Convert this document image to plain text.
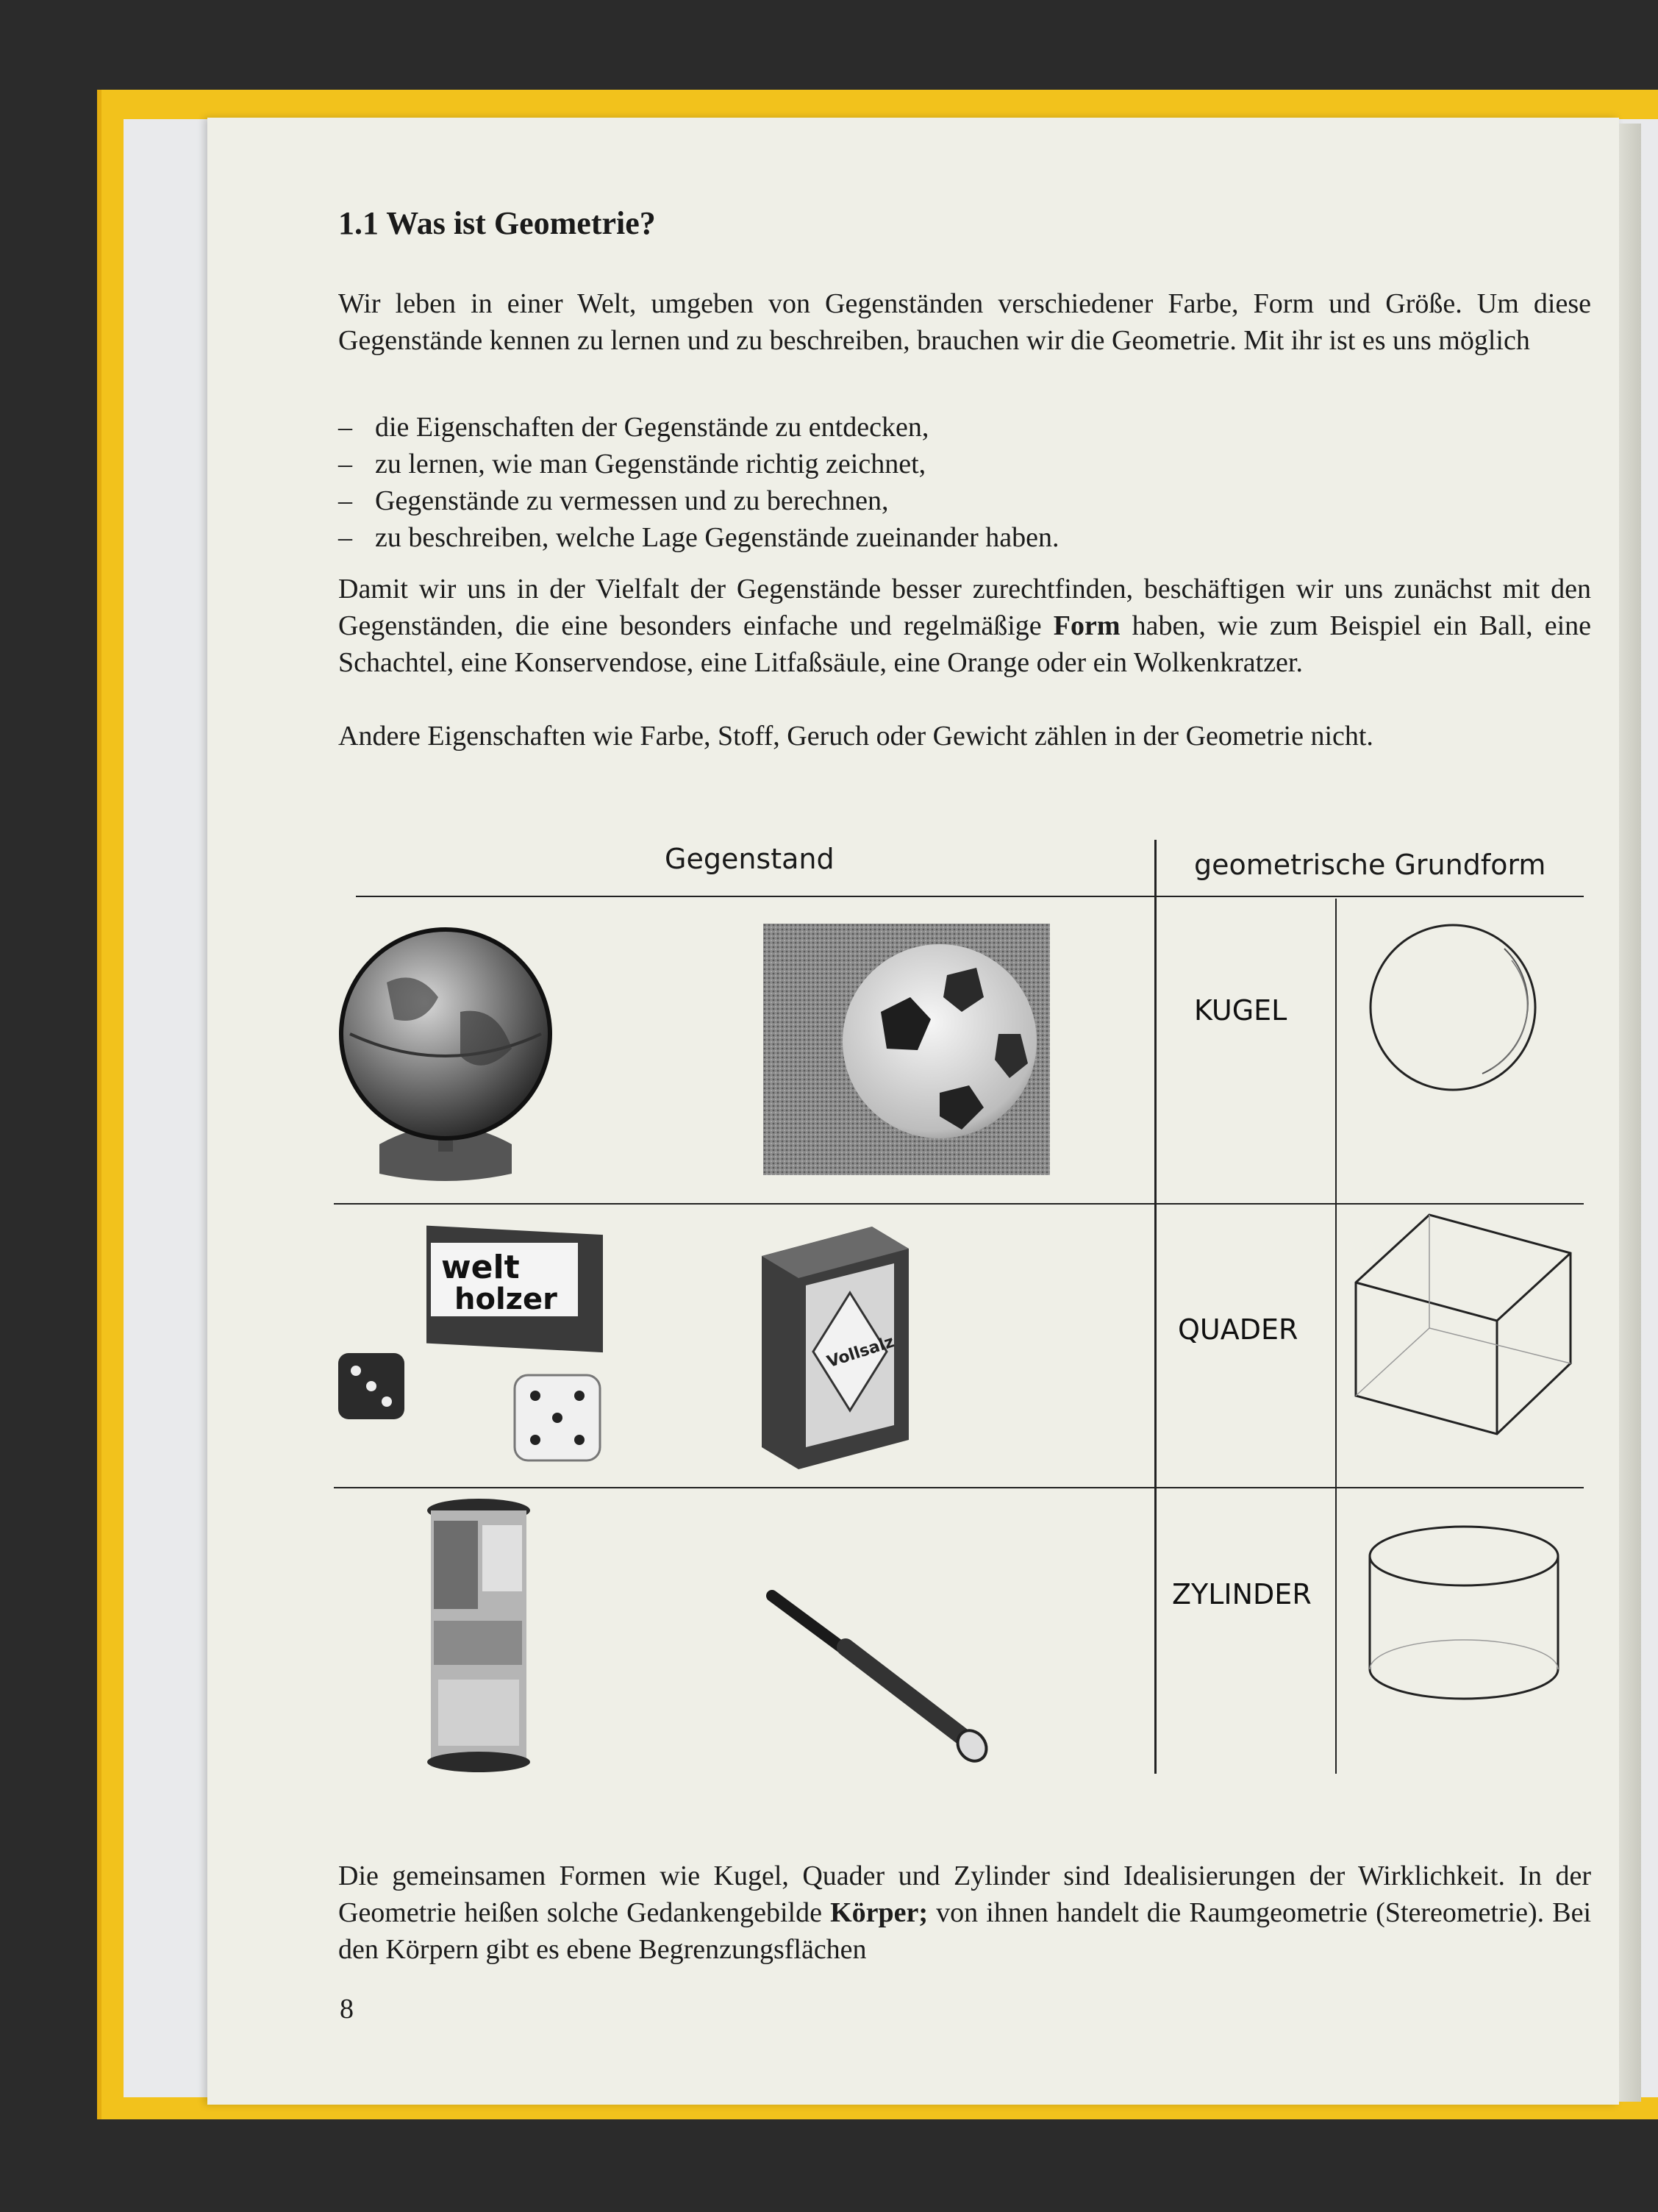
1.1 Was ist Geometrie?

Wir leben in einer Welt, umgeben von Gegenständen verschiedener Farbe, Form und Größe. Um diese Gegenstände kennen zu lernen und zu beschreiben, brauchen wir die Geometrie. Mit ihr ist es uns möglich

– die Eigenschaften der Gegenstände zu entdecken,
– zu lernen, wie man Gegenstände richtig zeichnet,
– Gegenstände zu vermessen und zu berechnen,
– zu beschreiben, welche Lage Gegenstände zueinander haben.

Damit wir uns in der Vielfalt der Gegenstände besser zurechtfinden, beschäftigen wir uns zunächst mit den Gegenständen, die eine besonders einfache und regelmäßige Form haben, wie zum Beispiel ein Ball, eine Schachtel, eine Konservendose, eine Litfaßsäule, eine Orange oder ein Wolkenkratzer.

Andere Eigenschaften wie Farbe, Stoff, Geruch oder Gewicht zählen in der Geometrie nicht.

Gegenstand	geometrische Grundform
KUGEL
QUADER
ZYLINDER
welt
holzer
Vollsalz

Die gemeinsamen Formen wie Kugel, Quader und Zylinder sind Idealisierungen der Wirklichkeit. In der Geometrie heißen solche Gedankengebilde Körper; von ihnen handelt die Raumgeometrie (Stereometrie). Bei den Körpern gibt es ebene Begrenzungsflächen

8
